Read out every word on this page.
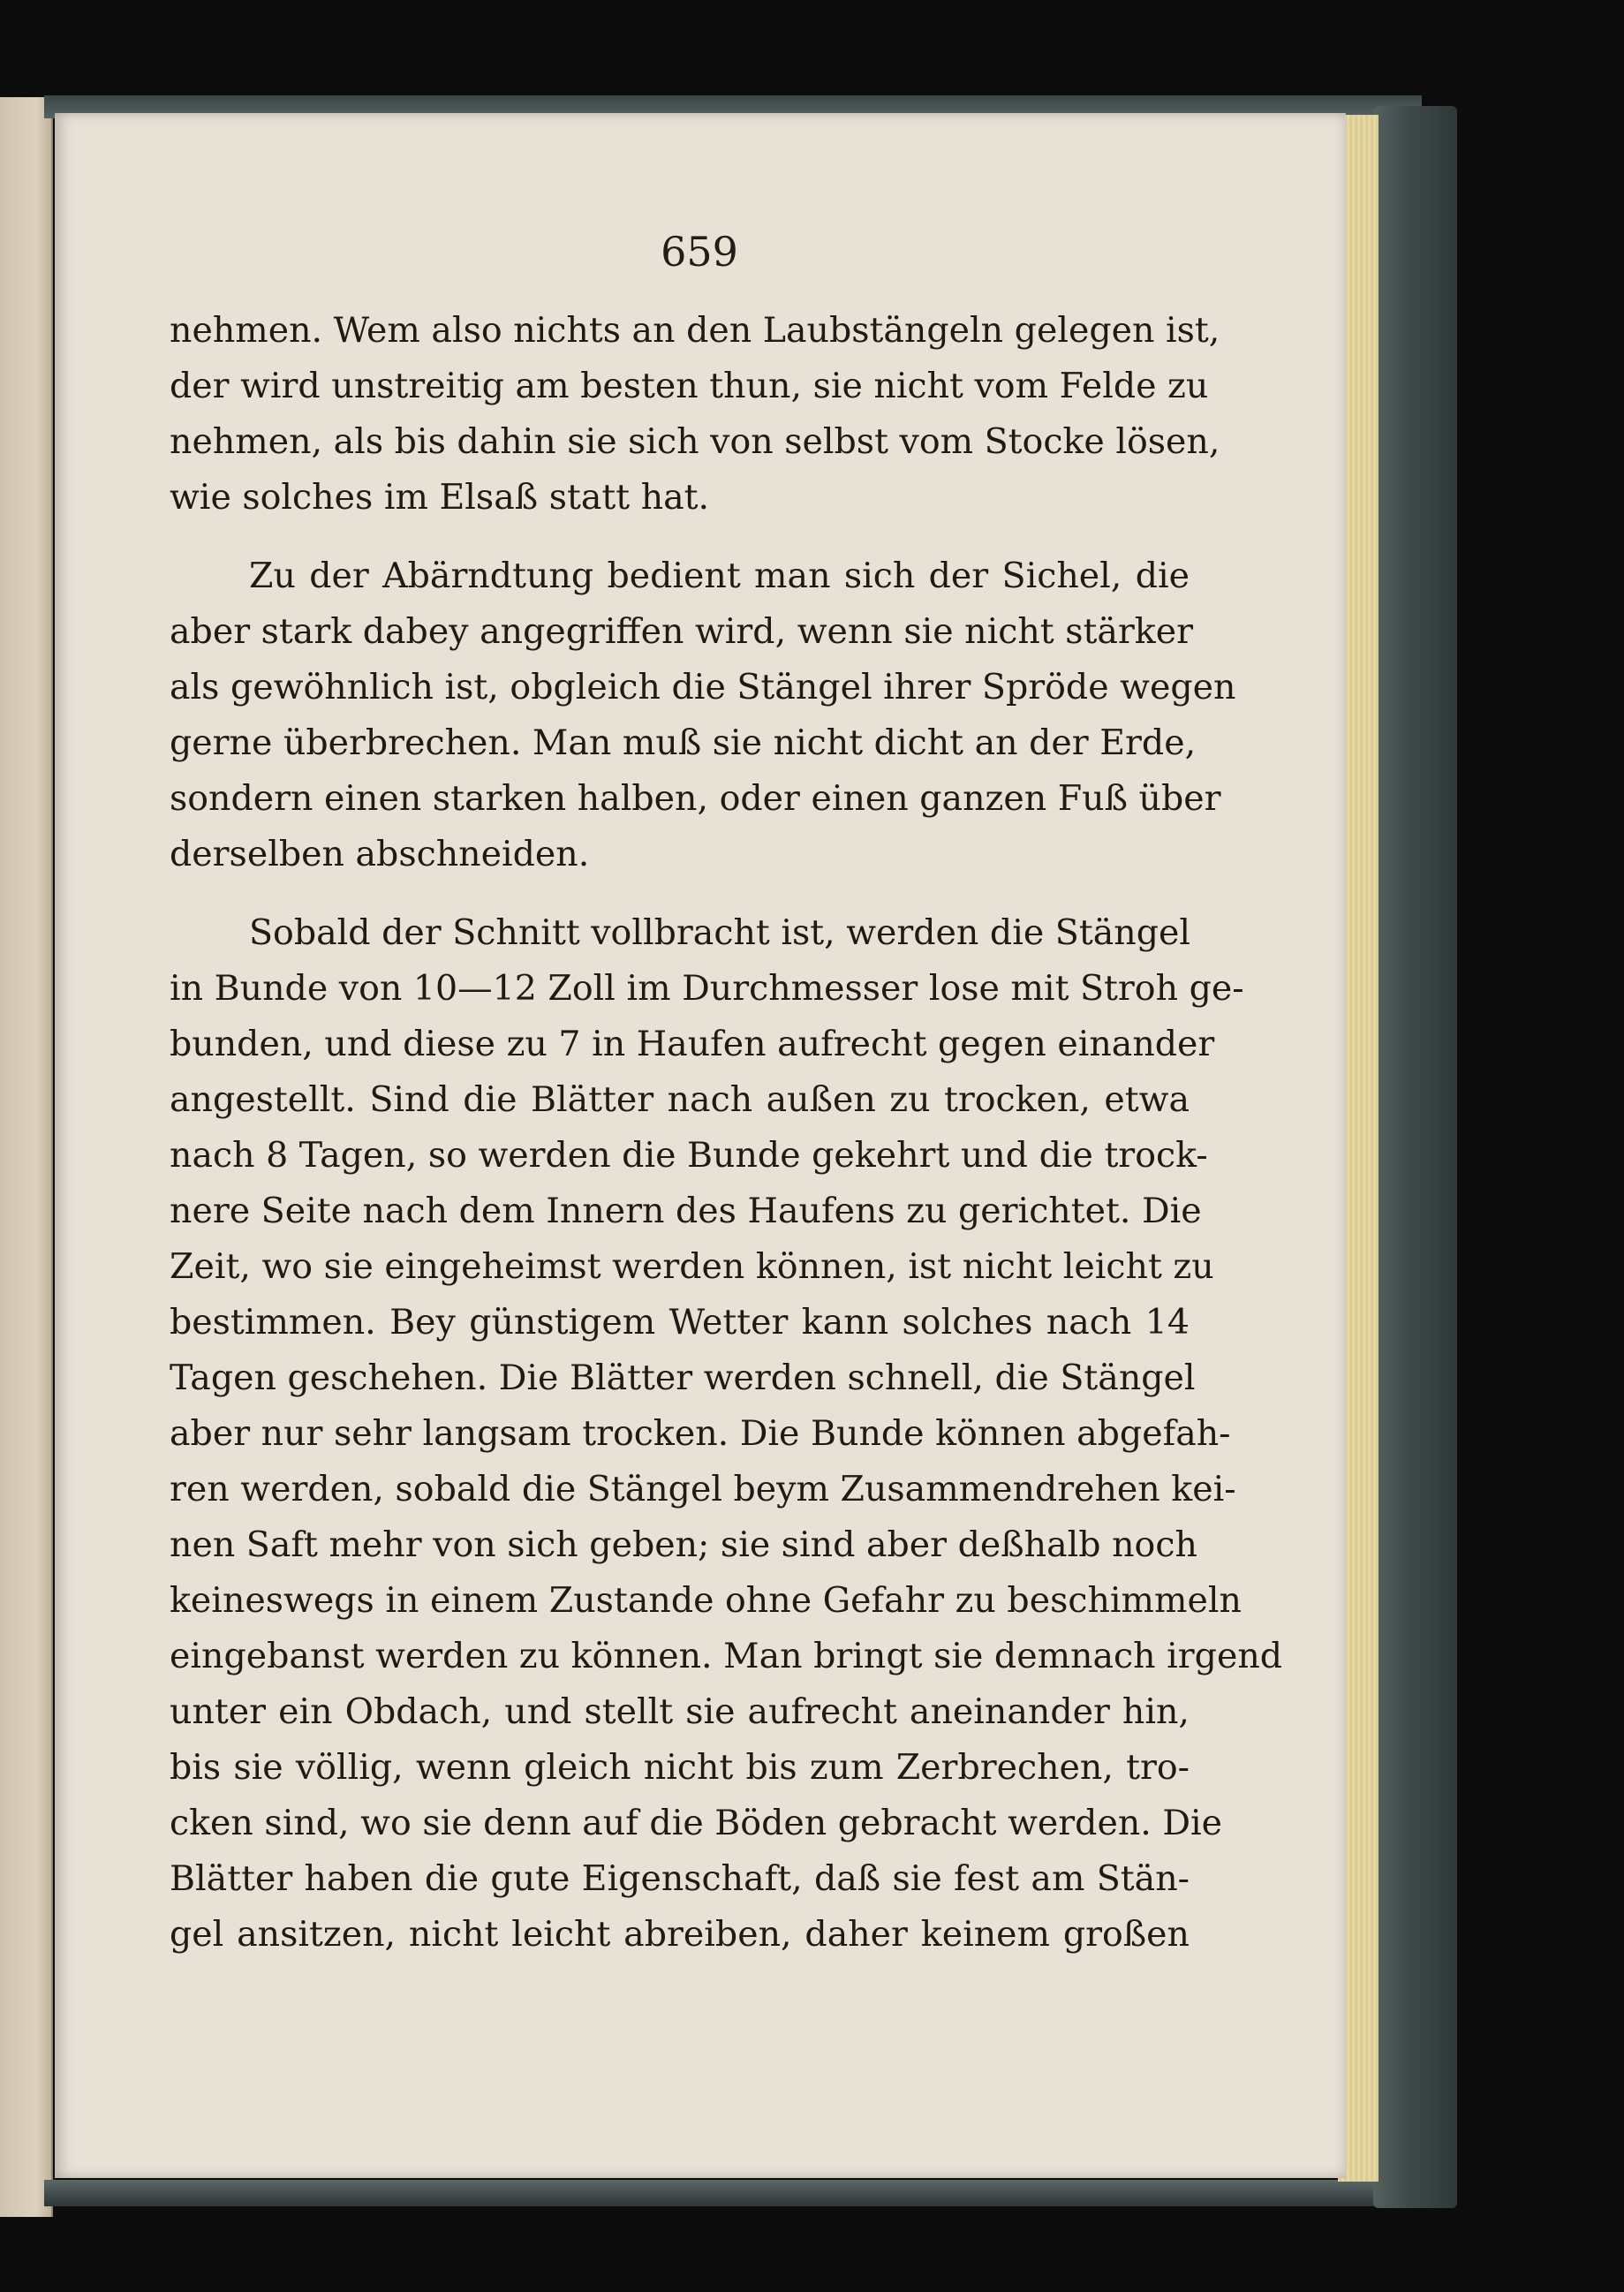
659

nehmen. Wem also nichts an den Laubstängeln gelegen ist,
der wird unstreitig am besten thun, sie nicht vom Felde zu
nehmen, als bis dahin sie sich von selbst vom Stocke lösen,
wie solches im Elsaß statt hat.

Zu der Abärndtung bedient man sich der Sichel, die
aber stark dabey angegriffen wird, wenn sie nicht stärker
als gewöhnlich ist, obgleich die Stängel ihrer Spröde wegen
gerne überbrechen. Man muß sie nicht dicht an der Erde,
sondern einen starken halben, oder einen ganzen Fuß über
derselben abschneiden.

Sobald der Schnitt vollbracht ist, werden die Stängel
in Bunde von 10—12 Zoll im Durchmesser lose mit Stroh ge-
bunden, und diese zu 7 in Haufen aufrecht gegen einander
angestellt. Sind die Blätter nach außen zu trocken, etwa
nach 8 Tagen, so werden die Bunde gekehrt und die trock-
nere Seite nach dem Innern des Haufens zu gerichtet. Die
Zeit, wo sie eingeheimst werden können, ist nicht leicht zu
bestimmen. Bey günstigem Wetter kann solches nach 14
Tagen geschehen. Die Blätter werden schnell, die Stängel
aber nur sehr langsam trocken. Die Bunde können abgefah-
ren werden, sobald die Stängel beym Zusammendrehen kei-
nen Saft mehr von sich geben; sie sind aber deßhalb noch
keineswegs in einem Zustande ohne Gefahr zu beschimmeln
eingebanst werden zu können. Man bringt sie demnach irgend
unter ein Obdach, und stellt sie aufrecht aneinander hin,
bis sie völlig, wenn gleich nicht bis zum Zerbrechen, tro-
cken sind, wo sie denn auf die Böden gebracht werden. Die
Blätter haben die gute Eigenschaft, daß sie fest am Stän-
gel ansitzen, nicht leicht abreiben, daher keinem großen
